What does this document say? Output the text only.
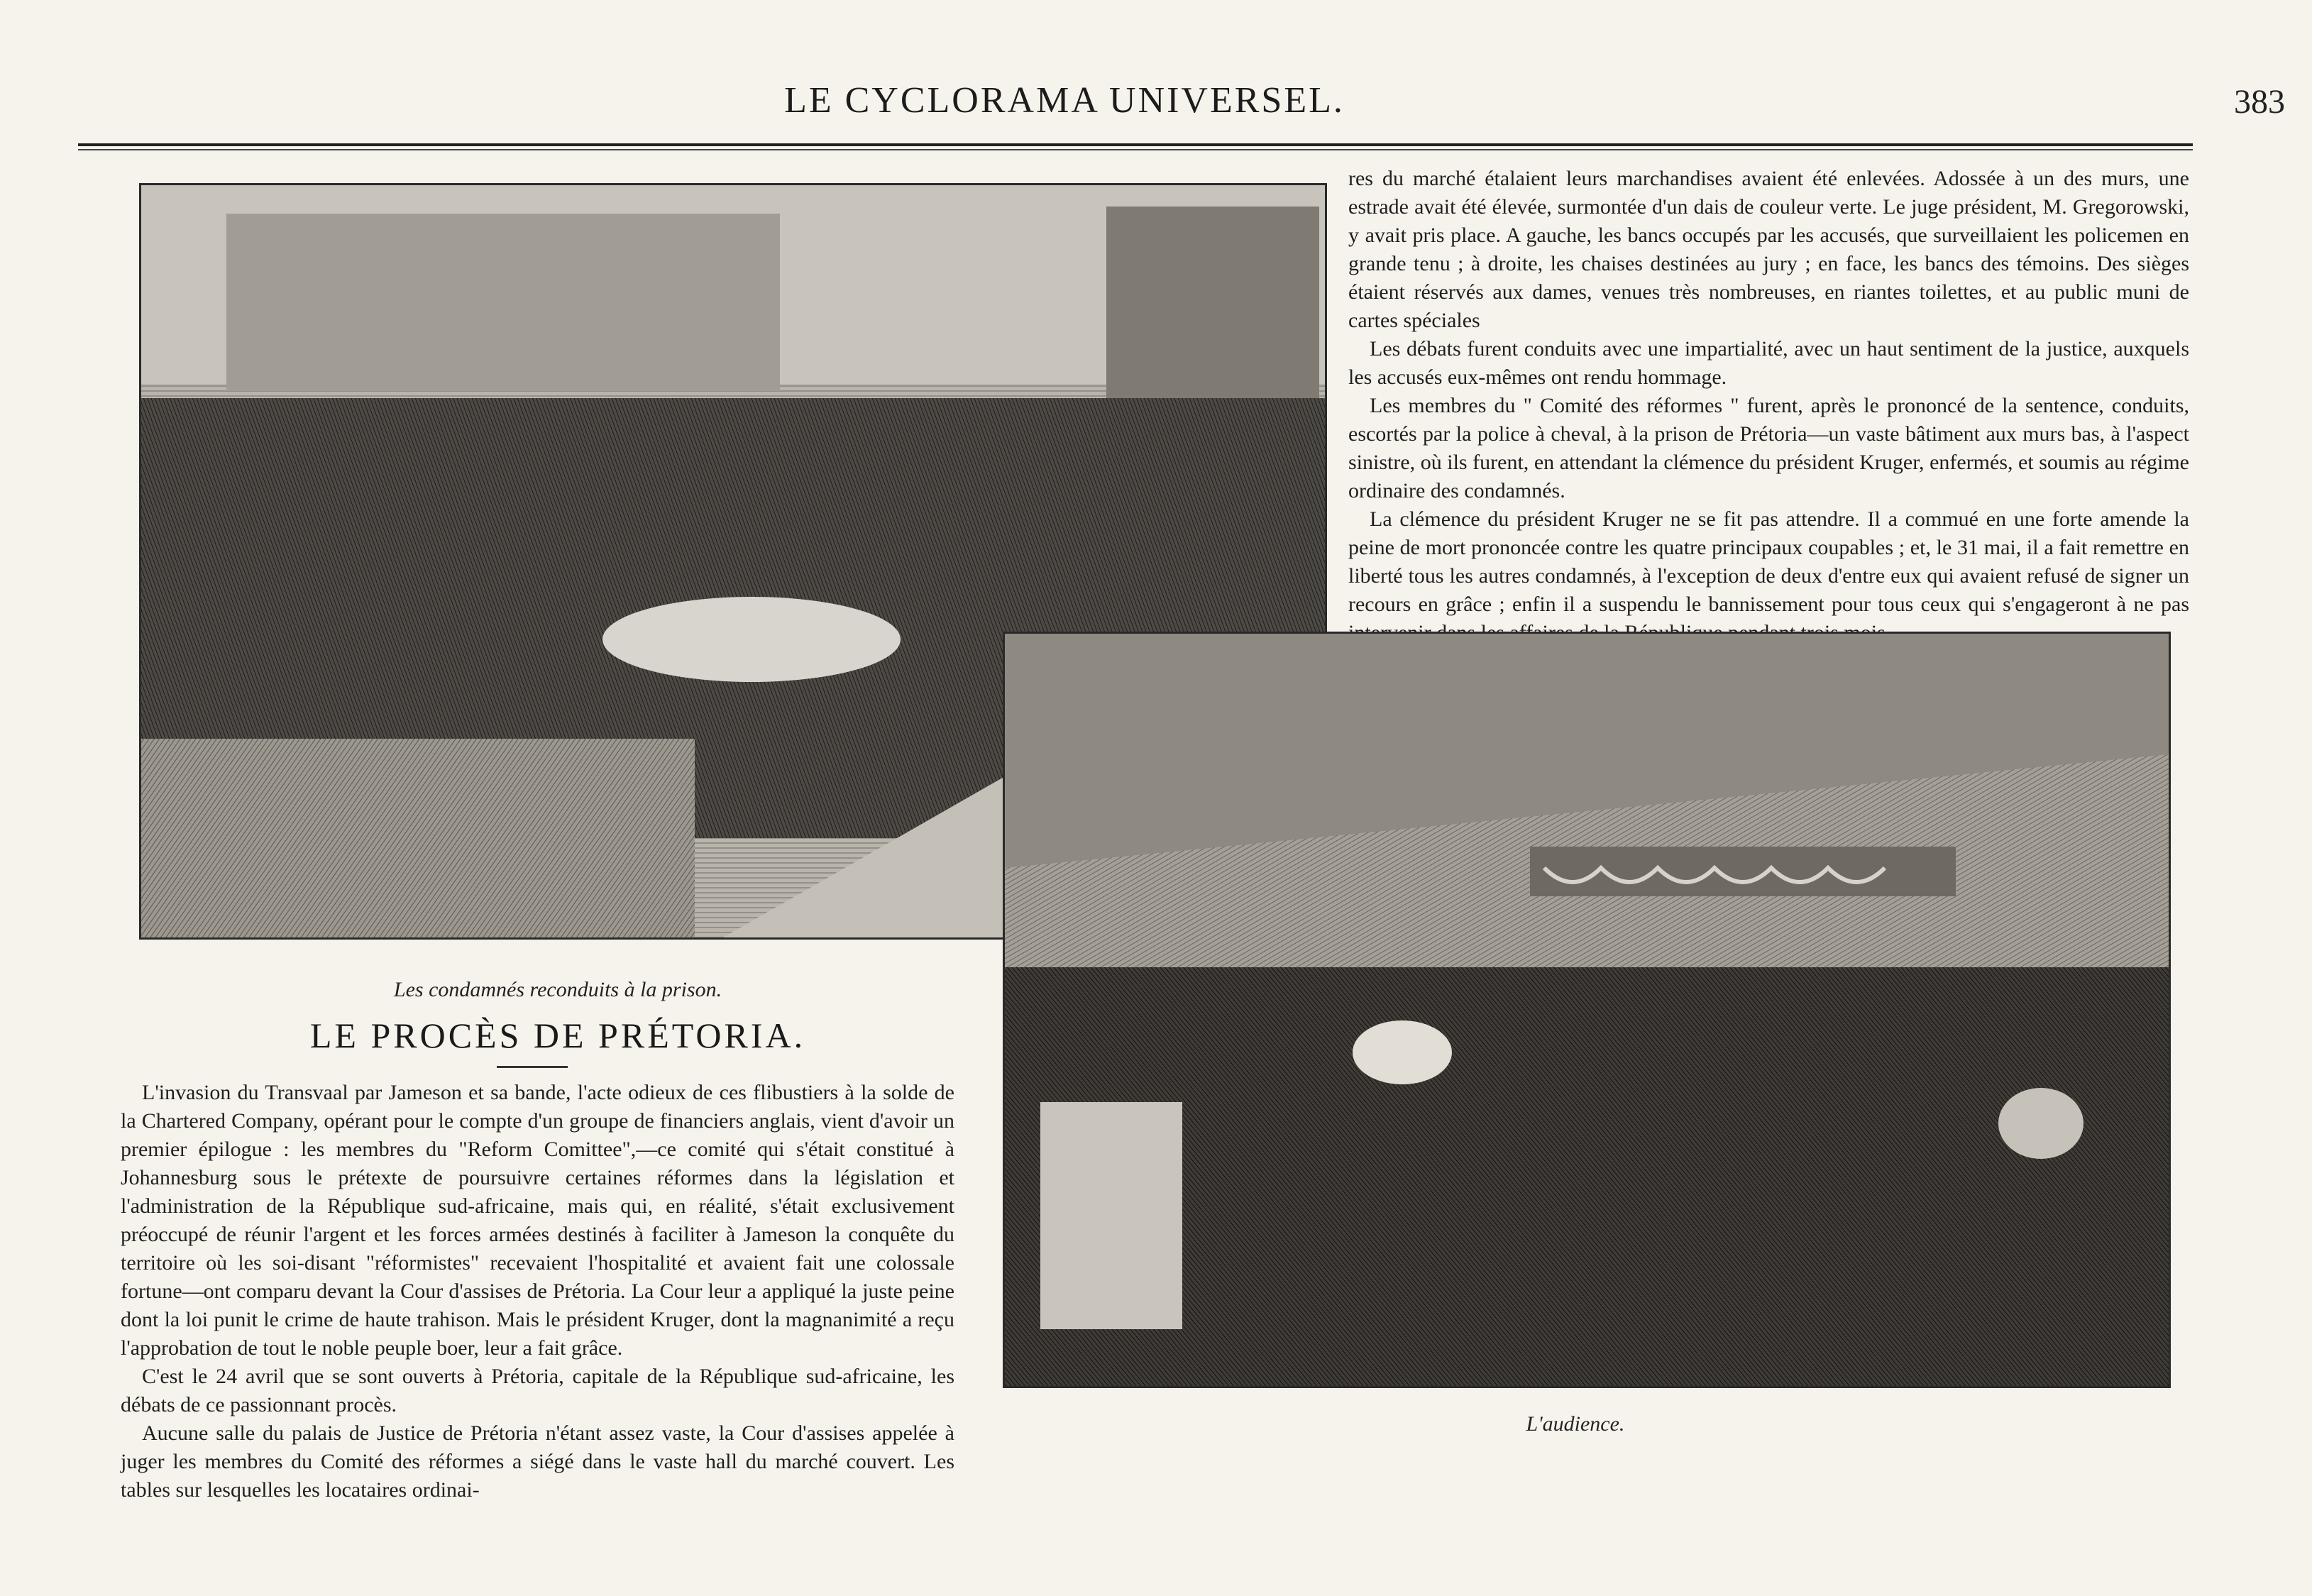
LE CYCLORAMA UNIVERSEL.	383
Les condamnés reconduits à la prison.
LE PROCÈS DE PRÉTORIA.

L'invasion du Transvaal par Jameson et sa bande, l'acte odieux de ces flibustiers à la solde de la Chartered Company, opérant pour le compte d'un groupe de financiers anglais, vient d'avoir un premier épilogue : les membres du "Reform Comittee",—ce comité qui s'était constitué à Johannesburg sous le prétexte de poursuivre certaines réformes dans la législation et l'administration de la République sud-africaine, mais qui, en réalité, s'était exclusivement préoccupé de réunir l'argent et les forces armées destinés à faciliter à Jameson la conquête du territoire où les soi-disant "réformistes" recevaient l'hospitalité et avaient fait une colossale fortune—ont comparu devant la Cour d'assises de Prétoria. La Cour leur a appliqué la juste peine dont la loi punit le crime de haute trahison. Mais le président Kruger, dont la magnanimité a reçu l'approbation de tout le noble peuple boer, leur a fait grâce.

C'est le 24 avril que se sont ouverts à Prétoria, capitale de la République sud-africaine, les débats de ce passionnant procès.

Aucune salle du palais de Justice de Prétoria n'étant assez vaste, la Cour d'assises appelée à juger les membres du Comité des réformes a siégé dans le vaste hall du marché couvert. Les tables sur lesquelles les locataires ordinai-

res du marché étalaient leurs marchandises avaient été enlevées. Adossée à un des murs, une estrade avait été élevée, surmontée d'un dais de couleur verte. Le juge président, M. Gregorowski, y avait pris place. A gauche, les bancs occupés par les accusés, que surveillaient les policemen en grande tenu ; à droite, les chaises destinées au jury ; en face, les bancs des témoins. Des sièges étaient réservés aux dames, venues très nombreuses, en riantes toilettes, et au public muni de cartes spéciales

Les débats furent conduits avec une impartialité, avec un haut sentiment de la justice, auxquels les accusés eux-mêmes ont rendu hommage.

Les membres du " Comité des réformes " furent, après le prononcé de la sentence, conduits, escortés par la police à cheval, à la prison de Prétoria—un vaste bâtiment aux murs bas, à l'aspect sinistre, où ils furent, en attendant la clémence du président Kruger, enfermés, et soumis au régime ordinaire des condamnés.

La clémence du président Kruger ne se fit pas attendre. Il a commué en une forte amende la peine de mort prononcée contre les quatre principaux coupables ; et, le 31 mai, il a fait remettre en liberté tous les autres condamnés, à l'exception de deux d'entre eux qui avaient refusé de signer un recours en grâce ; enfin il a suspendu le bannissement pour tous ceux qui s'engageront à ne pas

L'audience.
